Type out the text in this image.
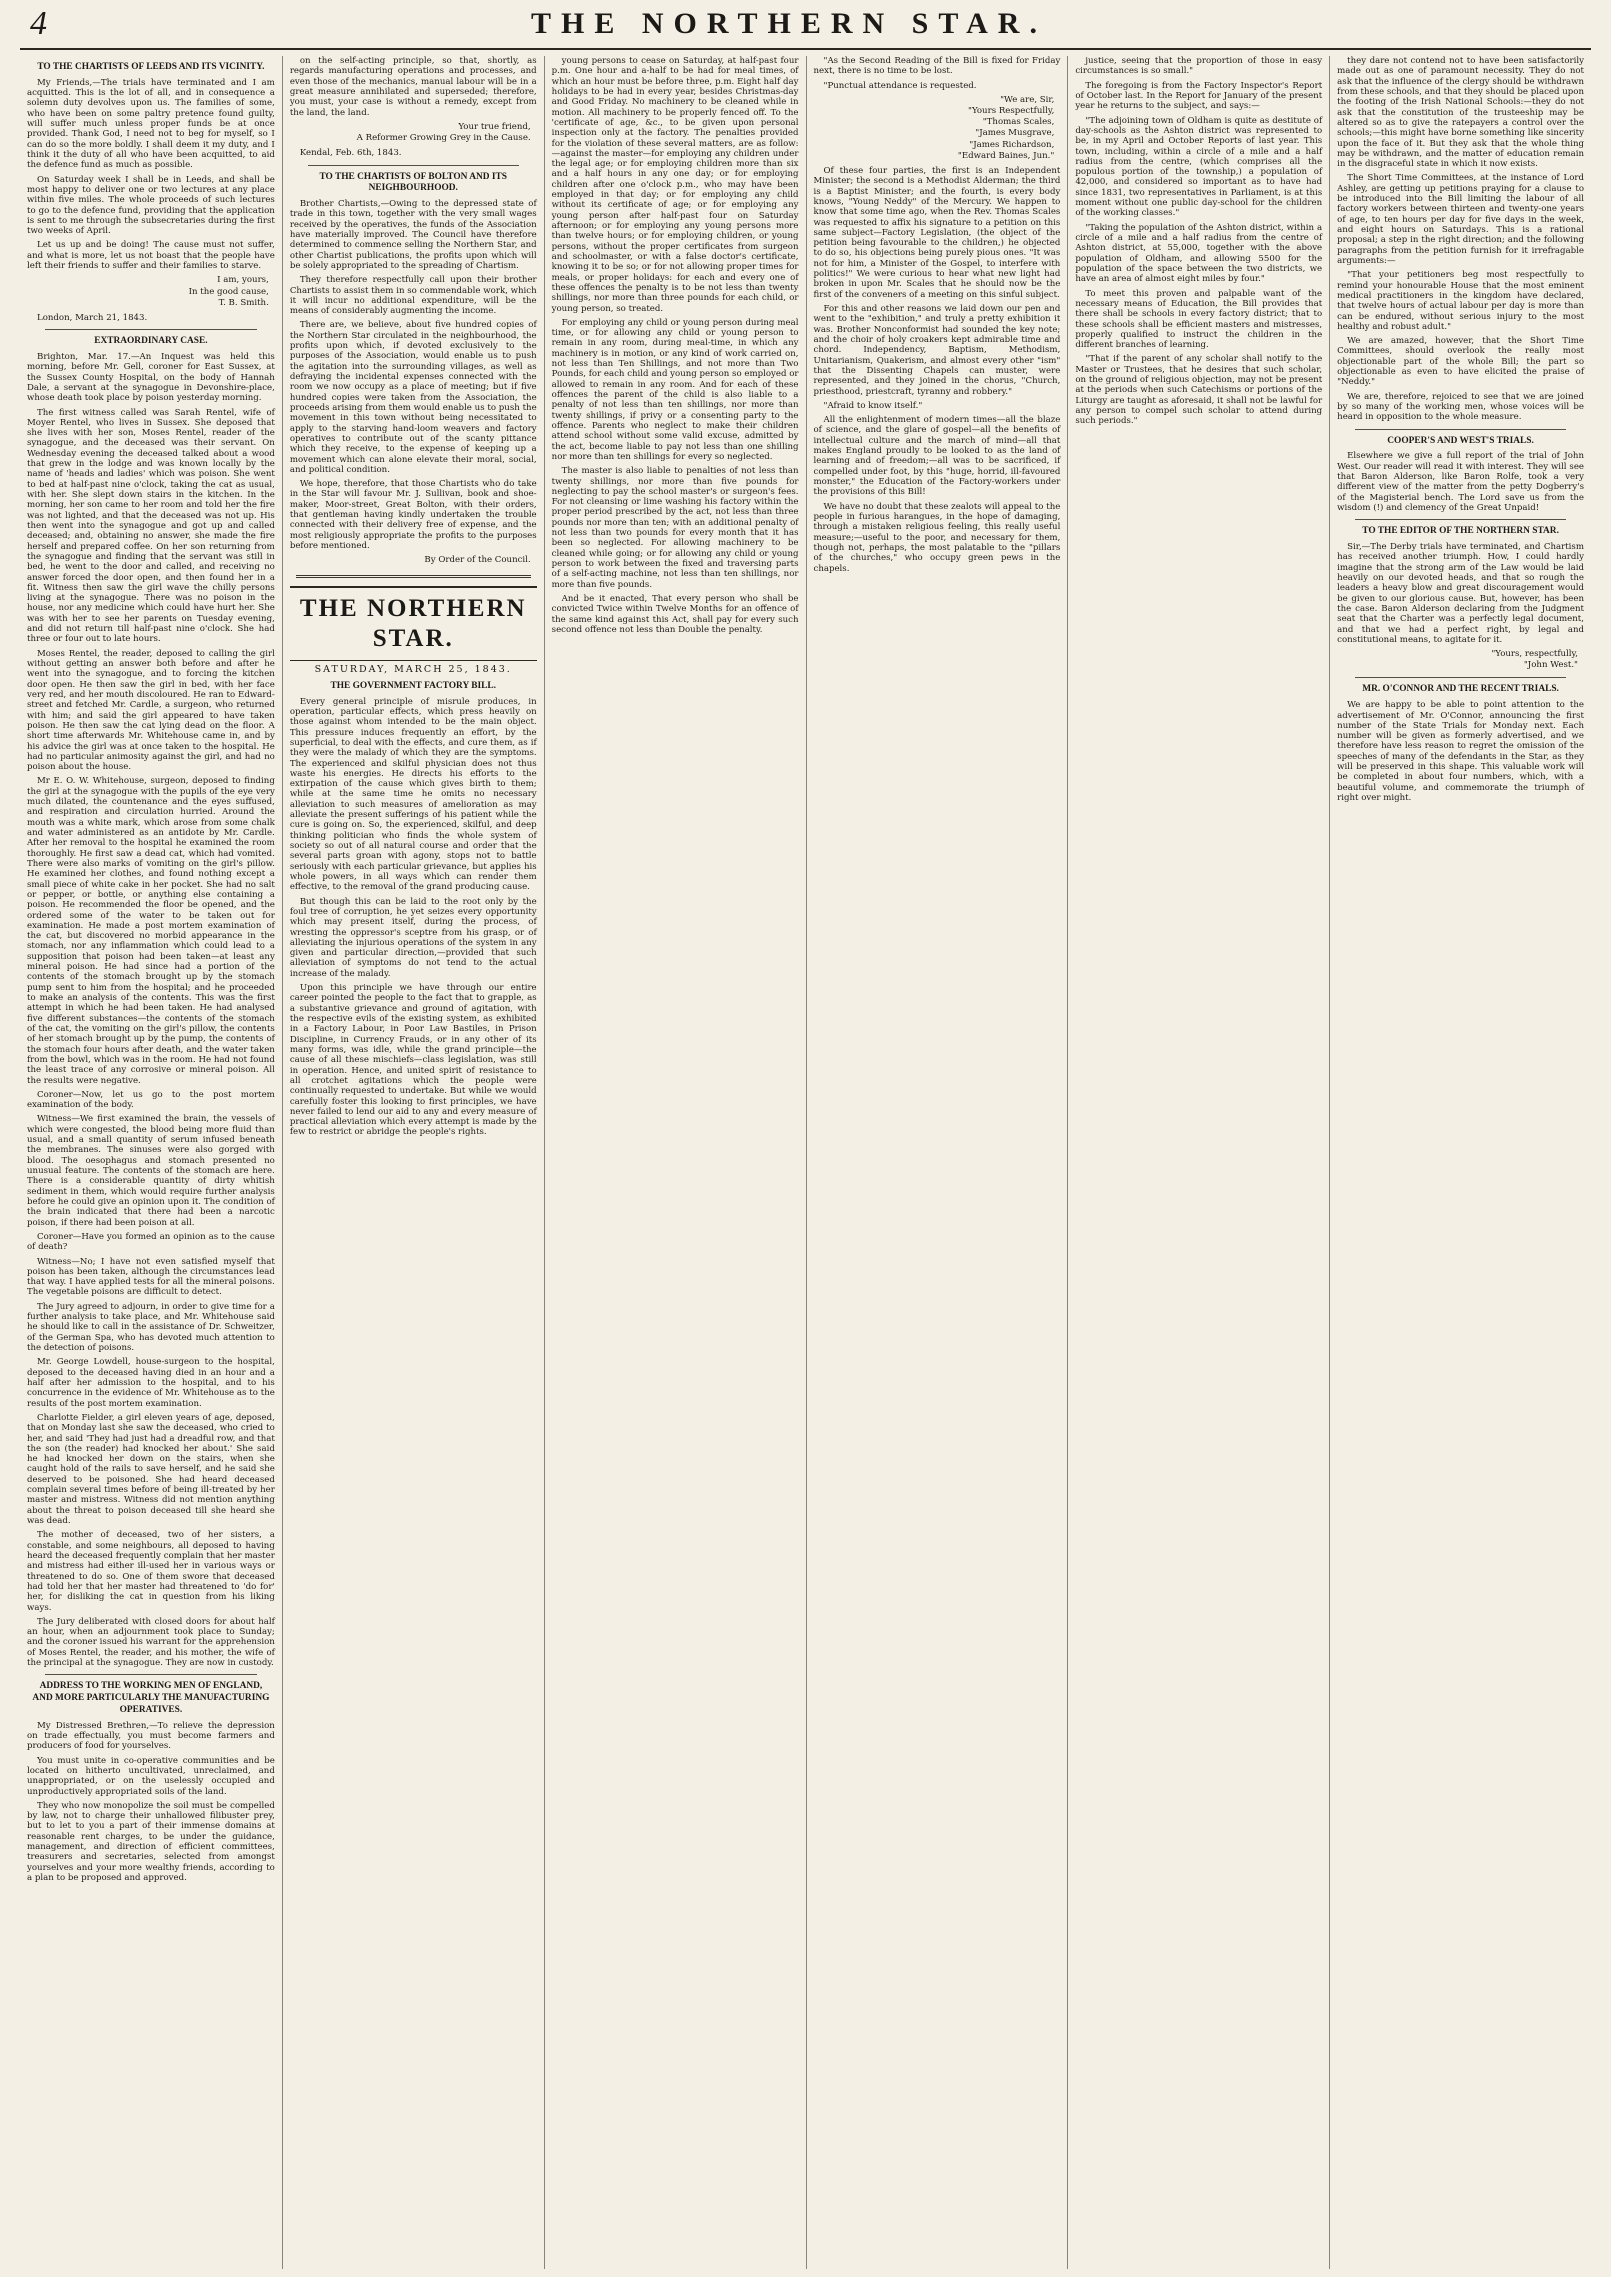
4	THE NORTHERN STAR.
TO THE CHARTISTS OF LEEDS AND ITS VICINITY.

My Friends,—The trials have terminated and I am acquitted. This is the lot of all, and in consequence a solemn duty devolves upon us. The families of some, who have been on some paltry pretence found guilty, will suffer much unless proper funds be at once provided. Thank God, I need not to beg for myself, so I can do so the more boldly. I shall deem it my duty, and I think it the duty of all who have been acquitted, to aid the defence fund as much as possible.

On Saturday week I shall be in Leeds, and shall be most happy to deliver one or two lectures at any place within five miles. The whole proceeds of such lectures to go to the defence fund, providing that the application is sent to me through the subsecretaries during the first two weeks of April.

Let us up and be doing! The cause must not suffer, and what is more, let us not boast that the people have left their friends to suffer and their families to starve.

I am, yours,
In the good cause,
T. B. Smith.
London, March 21, 1843.
EXTRAORDINARY CASE.

Brighton, Mar. 17.—An Inquest was held this morning, before Mr. Gell, coroner for East Sussex, at the Sussex County Hospital, on the body of Hannah Dale, a servant at the synagogue in Devonshire-place, whose death took place by poison yesterday morning.

The first witness called was Sarah Rentel, wife of Moyer Rentel, who lives in Sussex. She deposed that she lives with her son, Moses Rentel, reader of the synagogue, and the deceased was their servant. On Wednesday evening the deceased talked about a wood that grew in the lodge and was known locally by the name of 'heads and ladies' which was poison. She went to bed at half-past nine o'clock, taking the cat as usual, with her. She slept down stairs in the kitchen. In the morning, her son came to her room and told her the fire was not lighted, and that the deceased was not up. His then went into the synagogue and got up and called deceased; and, obtaining no answer, she made the fire herself and prepared coffee. On her son returning from the synagogue and finding that the servant was still in bed, he went to the door and called, and receiving no answer forced the door open, and then found her in a fit. Witness then saw the girl wave the chilly persons living at the synagogue. There was no poison in the house, nor any medicine which could have hurt her. She was with her to see her parents on Tuesday evening, and did not return till half-past nine o'clock. She had three or four out to late hours.

Moses Rentel, the reader, deposed to calling the girl without getting an answer both before and after he went into the synagogue, and to forcing the kitchen door open. He then saw the girl in bed, with her face very red, and her mouth discoloured. He ran to Edward-street and fetched Mr. Cardle, a surgeon, who returned with him; and said the girl appeared to have taken poison. He then saw the cat lying dead on the floor. A short time afterwards Mr. Whitehouse came in, and by his advice the girl was at once taken to the hospital. He had no particular animosity against the girl, and had no poison about the house.

Mr E. O. W. Whitehouse, surgeon, deposed to finding the girl at the synagogue with the pupils of the eye very much dilated, the countenance and the eyes suffused, and respiration and circulation hurried. Around the mouth was a white mark, which arose from some chalk and water administered as an antidote by Mr. Cardle. After her removal to the hospital he examined the room thoroughly. He first saw a dead cat, which had vomited. There were also marks of vomiting on the girl's pillow. He examined her clothes, and found nothing except a small piece of white cake in her pocket. She had no salt or pepper, or bottle, or anything else containing a poison. He recommended the floor be opened, and the ordered some of the water to be taken out for examination. He made a post mortem examination of the cat, but discovered no morbid appearance in the stomach, nor any inflammation which could lead to a supposition that poison had been taken—at least any mineral poison. He had since had a portion of the contents of the stomach brought up by the stomach pump sent to him from the hospital; and he proceeded to make an analysis of the contents. This was the first attempt in which he had been taken. He had analysed five different substances—the contents of the stomach of the cat, the vomiting on the girl's pillow, the contents of her stomach brought up by the pump, the contents of the stomach four hours after death, and the water taken from the bowl, which was in the room. He had not found the least trace of any corrosive or mineral poison. All the results were negative.

Coroner—Now, let us go to the post mortem examination of the body.

Witness—We first examined the brain, the vessels of which were congested, the blood being more fluid than usual, and a small quantity of serum infused beneath the membranes. The sinuses were also gorged with blood. The oesophagus and stomach presented no unusual feature. The contents of the stomach are here. There is a considerable quantity of dirty whitish sediment in them, which would require further analysis before he could give an opinion upon it. The condition of the brain indicated that there had been a narcotic poison, if there had been poison at all.

Coroner—Have you formed an opinion as to the cause of death?

Witness—No; I have not even satisfied myself that poison has been taken, although the circumstances lead that way. I have applied tests for all the mineral poisons. The vegetable poisons are difficult to detect.

The Jury agreed to adjourn, in order to give time for a further analysis to take place, and Mr. Whitehouse said he should like to call in the assistance of Dr. Schweitzer, of the German Spa, who has devoted much attention to the detection of poisons.

Mr. George Lowdell, house-surgeon to the hospital, deposed to the deceased having died in an hour and a half after her admission to the hospital, and to his concurrence in the evidence of Mr. Whitehouse as to the results of the post mortem examination.

Charlotte Fielder, a girl eleven years of age, deposed, that on Monday last she saw the deceased, who cried to her, and said 'They had just had a dreadful row, and that the son (the reader) had knocked her about.' She said he had knocked her down on the stairs, when she caught hold of the rails to save herself, and he said she deserved to be poisoned. She had heard deceased complain several times before of being ill-treated by her master and mistress. Witness did not mention anything about the threat to poison deceased till she heard she was dead.

The mother of deceased, two of her sisters, a constable, and some neighbours, all deposed to having heard the deceased frequently complain that her master and mistress had either ill-used her in various ways or threatened to do so. One of them swore that deceased had told her that her master had threatened to 'do for' her, for disliking the cat in question from his liking ways.

The Jury deliberated with closed doors for about half an hour, when an adjournment took place to Sunday; and the coroner issued his warrant for the apprehension of Moses Rentel, the reader, and his mother, the wife of the principal at the synagogue. They are now in custody.

ADDRESS TO THE WORKING MEN OF ENGLAND, AND MORE PARTICULARLY THE MANUFACTURING OPERATIVES.

My Distressed Brethren,—To relieve the depression on trade effectually, you must become farmers and producers of food for yourselves.

You must unite in co-operative communities and be located on hitherto uncultivated, unreclaimed, and unappropriated, or on the uselessly occupied and unproductively appropriated soils of the land.

They who now monopolize the soil must be compelled by law, not to charge their unhallowed filibuster prey, but to let to you a part of their immense domains at reasonable rent charges, to be under the guidance, management, and direction of efficient committees, treasurers and secretaries, selected from amongst yourselves and your more wealthy friends, according to a plan to be proposed and approved.

on the self-acting principle, so that, shortly, as regards manufacturing operations and processes, and even those of the mechanics, manual labour will be in a great measure annihilated and superseded; therefore, you must, your case is without a remedy, except from the land, the land.

Your true friend,
A Reformer Growing Grey in the Cause.
Kendal, Feb. 6th, 1843.
TO THE CHARTISTS OF BOLTON AND ITS NEIGHBOURHOOD.

Brother Chartists,—Owing to the depressed state of trade in this town, together with the very small wages received by the operatives, the funds of the Association have materially improved. The Council have therefore determined to commence selling the Northern Star, and other Chartist publications, the profits upon which will be solely appropriated to the spreading of Chartism.

They therefore respectfully call upon their brother Chartists to assist them in so commendable work, which it will incur no additional expenditure, will be the means of considerably augmenting the income.

There are, we believe, about five hundred copies of the Northern Star circulated in the neighbourhood, the profits upon which, if devoted exclusively to the purposes of the Association, would enable us to push the agitation into the surrounding villages, as well as defraying the incidental expenses connected with the room we now occupy as a place of meeting; but if five hundred copies were taken from the Association, the proceeds arising from them would enable us to push the movement in this town without being necessitated to apply to the starving hand-loom weavers and factory operatives to contribute out of the scanty pittance which they receive, to the expense of keeping up a movement which can alone elevate their moral, social, and political condition.

We hope, therefore, that those Chartists who do take in the Star will favour Mr. J. Sullivan, book and shoe-maker, Moor-street, Great Bolton, with their orders, that gentleman having kindly undertaken the trouble connected with their delivery free of expense, and the most religiously appropriate the profits to the purposes before mentioned.

By Order of the Council.
THE NORTHERN STAR.
SATURDAY, MARCH 25, 1843.
THE GOVERNMENT FACTORY BILL.

Every general principle of misrule produces, in operation, particular effects, which press heavily on those against whom intended to be the main object. This pressure induces frequently an effort, by the superficial, to deal with the effects, and cure them, as if they were the malady of which they are the symptoms. The experienced and skilful physician does not thus waste his energies. He directs his efforts to the extirpation of the cause which gives birth to them; while at the same time he omits no necessary alleviation to such measures of amelioration as may alleviate the present sufferings of his patient while the cure is going on. So, the experienced, skilful, and deep thinking politician who finds the whole system of society so out of all natural course and order that the several parts groan with agony, stops not to battle seriously with each particular grievance, but applies his whole powers, in all ways which can render them effective, to the removal of the grand producing cause.

But though this can be laid to the root only by the foul tree of corruption, he yet seizes every opportunity which may present itself, during the process, of wresting the oppressor's sceptre from his grasp, or of alleviating the injurious operations of the system in any given and particular direction,—provided that such alleviation of symptoms do not tend to the actual increase of the malady.

Upon this principle we have through our entire career pointed the people to the fact that to grapple, as a substantive grievance and ground of agitation, with the respective evils of the existing system, as exhibited in a Factory Labour, in Poor Law Bastiles, in Prison Discipline, in Currency Frauds, or in any other of its many forms, was idle, while the grand principle—the cause of all these mischiefs—class legislation, was still in operation. Hence, and united spirit of resistance to all crotchet agitations which the people were continually requested to undertake. But while we would carefully foster this looking to first principles, we have never failed to lend our aid to any and every measure of practical alleviation which every attempt is made by the few to restrict or abridge the people's rights.

young persons to cease on Saturday, at half-past four p.m. One hour and a-half to be had for meal times, of which an hour must be before three, p.m. Eight half day holidays to be had in every year, besides Christmas-day and Good Friday. No machinery to be cleaned while in motion. All machinery to be properly fenced off. To the 'certificate of age, &c., to be given upon personal inspection only at the factory. The penalties provided for the violation of these several matters, are as follow:—against the master—for employing any children under the legal age; or for employing children more than six and a half hours in any one day; or for employing children after one o'clock p.m., who may have been employed in that day; or for employing any child without its certificate of age; or for employing any young person after half-past four on Saturday afternoon; or for employing any young persons more than twelve hours; or for employing children, or young persons, without the proper certificates from surgeon and schoolmaster, or with a false doctor's certificate, knowing it to be so; or for not allowing proper times for meals, or proper holidays: for each and every one of these offences the penalty is to be not less than twenty shillings, nor more than three pounds for each child, or young person, so treated.

For employing any child or young person during meal time, or for allowing any child or young person to remain in any room, during meal-time, in which any machinery is in motion, or any kind of work carried on, not less than Ten Shillings, and not more than Two Pounds, for each child and young person so employed or allowed to remain in any room. And for each of these offences the parent of the child is also liable to a penalty of not less than ten shillings, nor more than twenty shillings, if privy or a consenting party to the offence. Parents who neglect to make their children attend school without some valid excuse, admitted by the act, become liable to pay not less than one shilling nor more than ten shillings for every so neglected.

The master is also liable to penalties of not less than twenty shillings, nor more than five pounds for neglecting to pay the school master's or surgeon's fees. For not cleansing or lime washing his factory within the proper period prescribed by the act, not less than three pounds nor more than ten; with an additional penalty of not less than two pounds for every month that it has been so neglected. For allowing machinery to be cleaned while going; or for allowing any child or young person to work between the fixed and traversing parts of a self-acting machine, not less than ten shillings, nor more than five pounds.

And be it enacted, That every person who shall be convicted Twice within Twelve Months for an offence of the same kind against this Act, shall pay for every such second offence not less than Double the penalty.

"As the Second Reading of the Bill is fixed for Friday next, there is no time to be lost.

"Punctual attendance is requested.

"We are, Sir,
"Yours Respectfully,
"Thomas Scales,
"James Musgrave,
"James Richardson,
"Edward Baines, Jun."

Of these four parties, the first is an Independent Minister; the second is a Methodist Alderman; the third is a Baptist Minister; and the fourth, is every body knows, "Young Neddy" of the Mercury. We happen to know that some time ago, when the Rev. Thomas Scales was requested to affix his signature to a petition on this same subject—Factory Legislation, (the object of the petition being favourable to the children,) he objected to do so, his objections being purely pious ones. "It was not for him, a Minister of the Gospel, to interfere with politics!" We were curious to hear what new light had broken in upon Mr. Scales that he should now be the first of the conveners of a meeting on this sinful subject.

For this and other reasons we laid down our pen and went to the "exhibition," and truly a pretty exhibition it was. Brother Nonconformist had sounded the key note; and the choir of holy croakers kept admirable time and chord. Independency, Baptism, Methodism, Unitarianism, Quakerism, and almost every other "ism" that the Dissenting Chapels can muster, were represented, and they joined in the chorus, "Church, priesthood, priestcraft, tyranny and robbery."

"Afraid to know itself."

All the enlightenment of modern times—all the blaze of science, and the glare of gospel—all the benefits of intellectual culture and the march of mind—all that makes England proudly to be looked to as the land of learning and of freedom;—all was to be sacrificed, if compelled under foot, by this "huge, horrid, ill-favoured monster," the Education of the Factory-workers under the provisions of this Bill!

We have no doubt that these zealots will appeal to the people in furious harangues, in the hope of damaging, through a mistaken religious feeling, this really useful measure;—useful to the poor, and necessary for them, though not, perhaps, the most palatable to the "pillars of the churches," who occupy green pews in the chapels.

justice, seeing that the proportion of those in easy circumstances is so small."

The foregoing is from the Factory Inspector's Report of October last. In the Report for January of the present year he returns to the subject, and says:—

"The adjoining town of Oldham is quite as destitute of day-schools as the Ashton district was represented to be, in my April and October Reports of last year. This town, including, within a circle of a mile and a half radius from the centre, (which comprises all the populous portion of the township,) a population of 42,000, and considered so important as to have had since 1831, two representatives in Parliament, is at this moment without one public day-school for the children of the working classes."

"Taking the population of the Ashton district, within a circle of a mile and a half radius from the centre of Ashton district, at 55,000, together with the above population of Oldham, and allowing 5500 for the population of the space between the two districts, we have an area of almost eight miles by four."

To meet this proven and palpable want of the necessary means of Education, the Bill provides that there shall be schools in every factory district; that to these schools shall be efficient masters and mistresses, properly qualified to instruct the children in the different branches of learning.

"That if the parent of any scholar shall notify to the Master or Trustees, that he desires that such scholar, on the ground of religious objection, may not be present at the periods when such Catechisms or portions of the Liturgy are taught as aforesaid, it shall not be lawful for any person to compel such scholar to attend during such periods."

they dare not contend not to have been satisfactorily made out as one of paramount necessity. They do not ask that the influence of the clergy should be withdrawn from these schools, and that they should be placed upon the footing of the Irish National Schools:—they do not ask that the constitution of the trusteeship may be altered so as to give the ratepayers a control over the schools;—this might have borne something like sincerity upon the face of it. But they ask that the whole thing may be withdrawn, and the matter of education remain in the disgraceful state in which it now exists.

The Short Time Committees, at the instance of Lord Ashley, are getting up petitions praying for a clause to be introduced into the Bill limiting the labour of all factory workers between thirteen and twenty-one years of age, to ten hours per day for five days in the week, and eight hours on Saturdays. This is a rational proposal; a step in the right direction; and the following paragraphs from the petition furnish for it irrefragable arguments:—

"That your petitioners beg most respectfully to remind your honourable House that the most eminent medical practitioners in the kingdom have declared, that twelve hours of actual labour per day is more than can be endured, without serious injury to the most healthy and robust adult."

We are amazed, however, that the Short Time Committees, should overlook the really most objectionable part of the whole Bill; the part so objectionable as even to have elicited the praise of "Neddy."

We are, therefore, rejoiced to see that we are joined by so many of the working men, whose voices will be heard in opposition to the whole measure.

COOPER'S AND WEST'S TRIALS.

Elsewhere we give a full report of the trial of John West. Our reader will read it with interest. They will see that Baron Alderson, like Baron Rolfe, took a very different view of the matter from the petty Dogberry's of the Magisterial bench. The Lord save us from the wisdom (!) and clemency of the Great Unpaid!

TO THE EDITOR OF THE NORTHERN STAR.

Sir,—The Derby trials have terminated, and Chartism has received another triumph. How, I could hardly imagine that the strong arm of the Law would be laid heavily on our devoted heads, and that so rough the leaders a heavy blow and great discouragement would be given to our glorious cause. But, however, has been the case. Baron Alderson declaring from the Judgment seat that the Charter was a perfectly legal document, and that we had a perfect right, by legal and constitutional means, to agitate for it.

"Yours, respectfully,
"John West."
MR. O'CONNOR AND THE RECENT TRIALS.

We are happy to be able to point attention to the advertisement of Mr. O'Connor, announcing the first number of the State Trials for Monday next. Each number will be given as formerly advertised, and we therefore have less reason to regret the omission of the speeches of many of the defendants in the Star, as they will be preserved in this shape. This valuable work will be completed in about four numbers, which, with a beautiful volume, and commemorate the triumph of right over might.
